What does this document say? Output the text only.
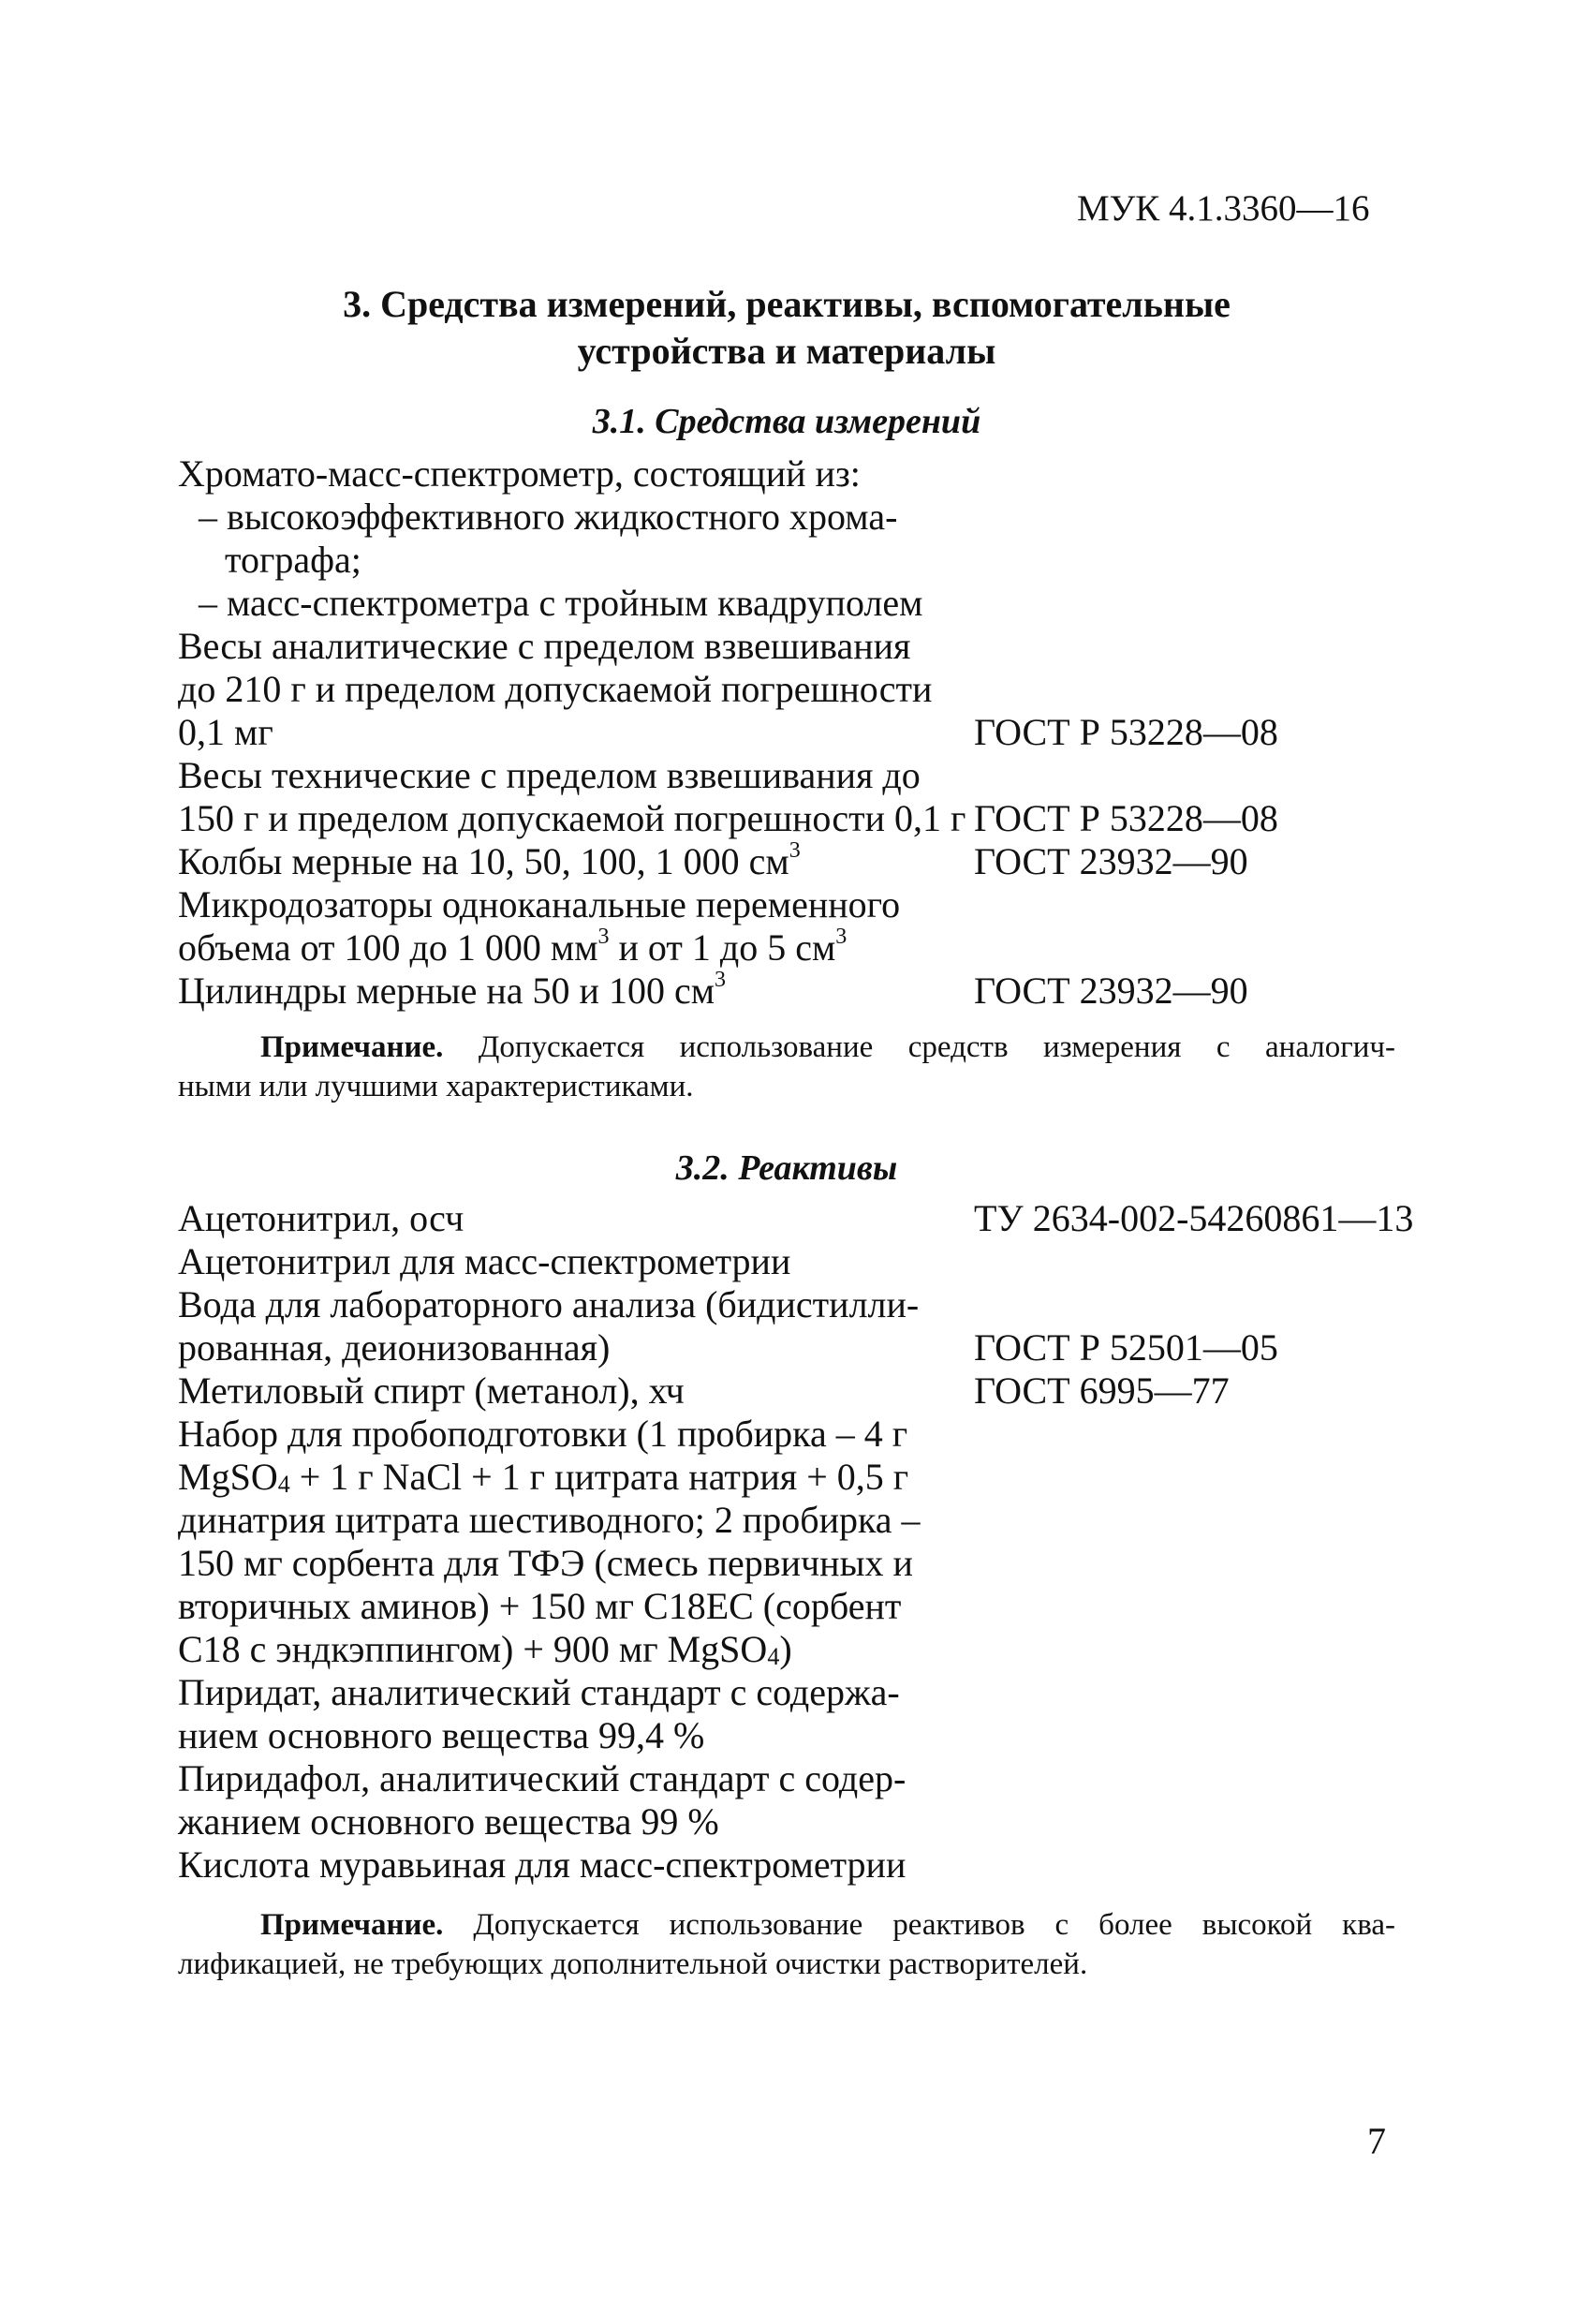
МУК 4.1.3360—16
3. Средства измерений, реактивы, вспомогательные
устройства и материалы
3.1. Средства измерений
Хромато-масс-спектрометр, состоящий из:
– высокоэффективного жидкостного хрома-
тографа;
– масс-спектрометра с тройным квадруполем
Весы аналитические с пределом взвешивания
до 210 г и пределом допускаемой погрешности
0,1 мг	ГОСТ Р 53228—08
Весы технические с пределом взвешивания до
150 г и пределом допускаемой погрешности 0,1 г ГОСТ Р 53228—08
Колбы мерные на 10, 50, 100, 1 000 $см^3$	ГОСТ 23932—90
Микродозаторы одноканальные переменного
объема от 100 до 1 000 $мм^3$ и от 1 до 5 $см^3$
Цилиндры мерные на 50 и 100 $см^3$	ГОСТ 23932—90
Примечание. Допускается использование средств измерения с аналогич-
ными или лучшими характеристиками.
3.2. Реактивы
Ацетонитрил, осч	ТУ 2634-002-54260861—13
Ацетонитрил для масс-спектрометрии
Вода для лабораторного анализа (бидистилли-
рованная, деионизованная)	ГОСТ Р 52501—05
Метиловый спирт (метанол), хч	ГОСТ 6995—77
Набор для пробоподготовки (1 пробирка – 4 г
MgSO$_4$ + 1 г NaCl + 1 г цитрата натрия + 0,5 г
динатрия цитрата шестиводного; 2 пробирка –
150 мг сорбента для ТФЭ (смесь первичных и
вторичных аминов) + 150 мг C18EC (сорбент
С18 с эндкэппингом) + 900 мг MgSO$_4$)
Пиридат, аналитический стандарт с содержа-
нием основного вещества 99,4 %
Пиридафол, аналитический стандарт с содер-
жанием основного вещества 99 %
Кислота муравьиная для масс-спектрометрии
Примечание. Допускается использование реактивов с более высокой ква-
лификацией, не требующих дополнительной очистки растворителей.
7
